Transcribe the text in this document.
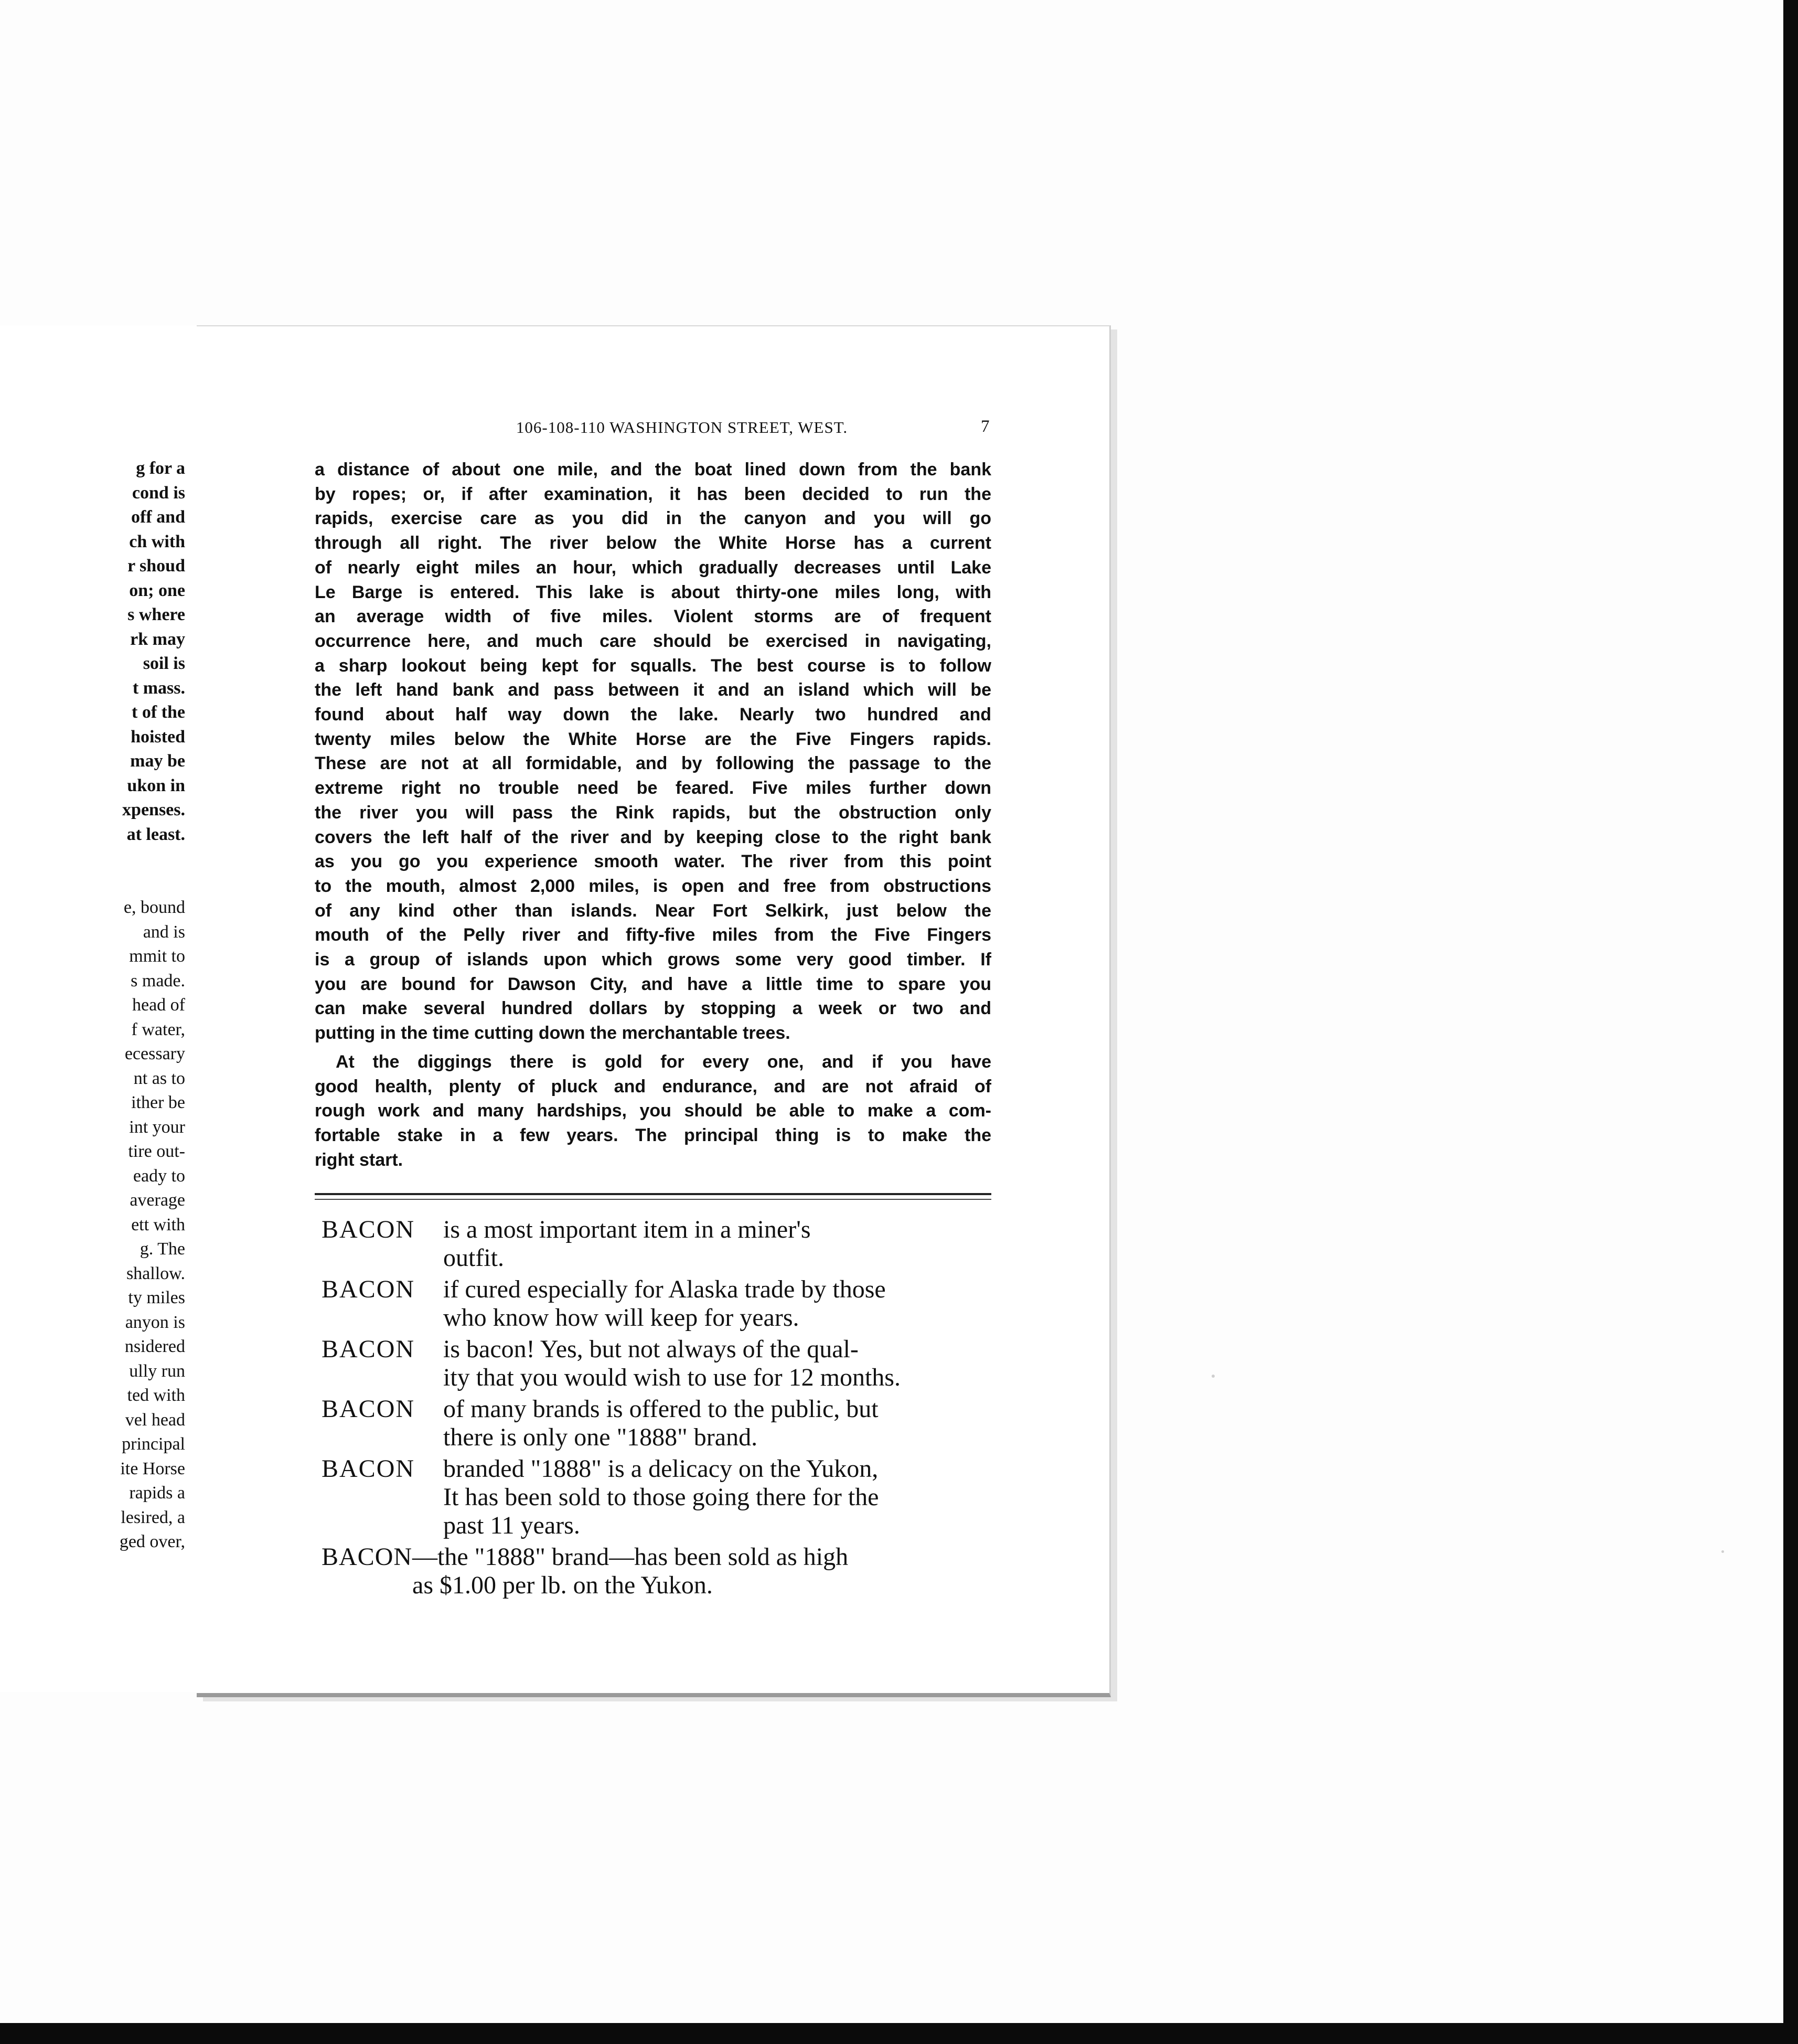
g for a
cond is
off and
ch with
r shoud
on; one
s where
rk may
soil is
t mass.
t of the
hoisted
may be
ukon in
xpenses.
at least.
e, bound
and is
mmit to
s made.
head of
f water,
ecessary
nt as to
ither be
int your
tire out-
eady to
average
ett with
g. The
shallow.
ty miles
anyon is
nsidered
ully run
ted with
vel head
principal
ite Horse
rapids a
lesired, a
ged over,
106-108-110 WASHINGTON STREET, WEST.	7

a distance of about one mile, and the boat lined down from the bank

by ropes; or, if after examination, it has been decided to run the

rapids, exercise care as you did in the canyon and you will go

through all right. The river below the White Horse has a current

of nearly eight miles an hour, which gradually decreases until Lake

Le Barge is entered. This lake is about thirty-one miles long, with

an average width of five miles. Violent storms are of frequent

occurrence here, and much care should be exercised in navigating,

a sharp lookout being kept for squalls. The best course is to follow

the left hand bank and pass between it and an island which will be

found about half way down the lake. Nearly two hundred and

twenty miles below the White Horse are the Five Fingers rapids.

These are not at all formidable, and by following the passage to the

extreme right no trouble need be feared. Five miles further down

the river you will pass the Rink rapids, but the obstruction only

covers the left half of the river and by keeping close to the right bank

as you go you experience smooth water. The river from this point

to the mouth, almost 2,000 miles, is open and free from obstructions

of any kind other than islands. Near Fort Selkirk, just below the

mouth of the Pelly river and fifty-five miles from the Five Fingers

is a group of islands upon which grows some very good timber. If

you are bound for Dawson City, and have a little time to spare you

can make several hundred dollars by stopping a week or two and

putting in the time cutting down the merchantable trees.

At the diggings there is gold for every one, and if you have

good health, plenty of pluck and endurance, and are not afraid of

rough work and many hardships, you should be able to make a com-

fortable stake in a few years. The principal thing is to make the

right start.

BACON	is a most important item in a miner's

outfit.

BACON	if cured especially for Alaska trade by those

who know how will keep for years.

BACON	is bacon! Yes, but not always of the qual-

ity that you would wish to use for 12 months.

BACON	of many brands is offered to the public, but

there is only one "1888" brand.

BACON	branded "1888" is a delicacy on the Yukon,

It has been sold to those going there for the

past 11 years.

BACON —the "1888" brand—has been sold as high

as $1.00 per lb. on the Yukon.
